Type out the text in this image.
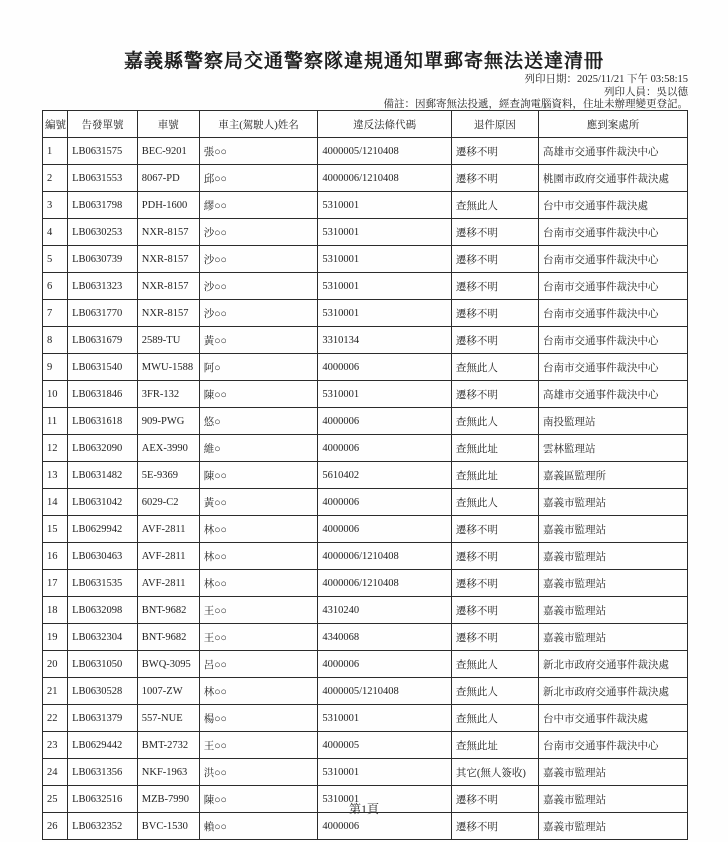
嘉義縣警察局交通警察隊違規通知單郵寄無法送達清冊
列印日期：2025/11/21 下午 03:58:15
列印人員：吳以德
備註：因郵寄無法投遞，經查詢電腦資料，住址未辦理變更登記。
編號	告發單號	車號	車主(駕駛人)姓名	違反法條代碼	退件原因	應到案處所
1	LB0631575	BEC-9201	張○○	4000005/1210408	遷移不明	高雄市交通事件裁決中心
2	LB0631553	8067-PD	邱○○	4000006/1210408	遷移不明	桃園市政府交通事件裁決處
3	LB0631798	PDH-1600	繆○○	5310001	查無此人	台中市交通事件裁決處
4	LB0630253	NXR-8157	沙○○	5310001	遷移不明	台南市交通事件裁決中心
5	LB0630739	NXR-8157	沙○○	5310001	遷移不明	台南市交通事件裁決中心
6	LB0631323	NXR-8157	沙○○	5310001	遷移不明	台南市交通事件裁決中心
7	LB0631770	NXR-8157	沙○○	5310001	遷移不明	台南市交通事件裁決中心
8	LB0631679	2589-TU	黃○○	3310134	遷移不明	台南市交通事件裁決中心
9	LB0631540	MWU-1588	阿○	4000006	查無此人	台南市交通事件裁決中心
10	LB0631846	3FR-132	陳○○	5310001	遷移不明	高雄市交通事件裁決中心
11	LB0631618	909-PWG	悠○	4000006	查無此人	南投監理站
12	LB0632090	AEX-3990	維○	4000006	查無此址	雲林監理站
13	LB0631482	5E-9369	陳○○	5610402	查無此址	嘉義區監理所
14	LB0631042	6029-C2	黃○○	4000006	查無此人	嘉義市監理站
15	LB0629942	AVF-2811	林○○	4000006	遷移不明	嘉義市監理站
16	LB0630463	AVF-2811	林○○	4000006/1210408	遷移不明	嘉義市監理站
17	LB0631535	AVF-2811	林○○	4000006/1210408	遷移不明	嘉義市監理站
18	LB0632098	BNT-9682	王○○	4310240	遷移不明	嘉義市監理站
19	LB0632304	BNT-9682	王○○	4340068	遷移不明	嘉義市監理站
20	LB0631050	BWQ-3095	呂○○	4000006	查無此人	新北市政府交通事件裁決處
21	LB0630528	1007-ZW	林○○	4000005/1210408	查無此人	新北市政府交通事件裁決處
22	LB0631379	557-NUE	楊○○	5310001	查無此人	台中市交通事件裁決處
23	LB0629442	BMT-2732	王○○	4000005	查無此址	台南市交通事件裁決中心
24	LB0631356	NKF-1963	洪○○	5310001	其它(無人簽收)	嘉義市監理站
25	LB0632516	MZB-7990	陳○○	5310001	遷移不明	嘉義市監理站
26	LB0632352	BVC-1530	賴○○	4000006	遷移不明	嘉義市監理站
第1頁
